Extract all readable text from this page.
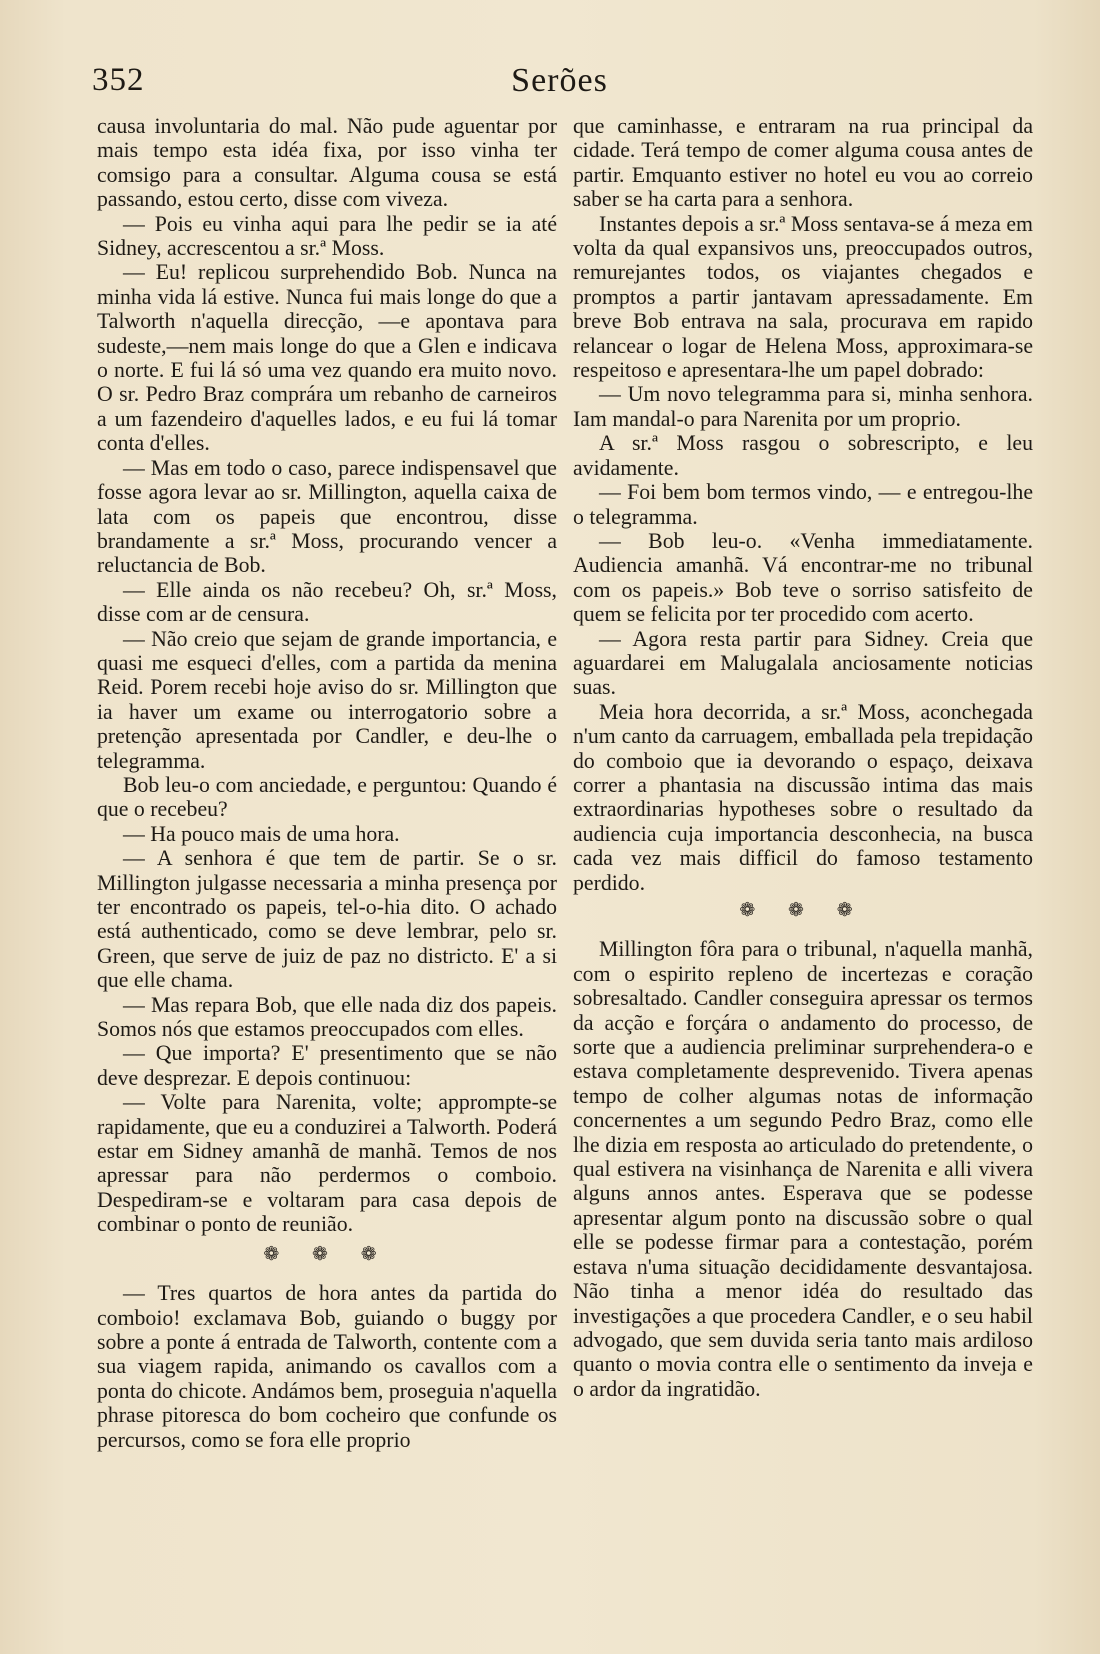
352	Serões

causa involuntaria do mal. Não pude aguentar por mais tempo esta idéa fixa, por isso vinha ter comsigo para a consultar. Alguma cousa se está passando, estou certo, disse com viveza.

— Pois eu vinha aqui para lhe pedir se ia até Sidney, accrescentou a sr.ª Moss.

— Eu! replicou surprehendido Bob. Nunca na minha vida lá estive. Nunca fui mais longe do que a Talworth n'aquella direcção, —e apontava para sudeste,—nem mais longe do que a Glen e indicava o norte. E fui lá só uma vez quando era muito novo. O sr. Pedro Braz comprára um rebanho de carneiros a um fazendeiro d'aquelles lados, e eu fui lá tomar conta d'elles.

— Mas em todo o caso, parece indispensavel que fosse agora levar ao sr. Millington, aquella caixa de lata com os papeis que encontrou, disse brandamente a sr.ª Moss, procurando vencer a reluctancia de Bob.

— Elle ainda os não recebeu? Oh, sr.ª Moss, disse com ar de censura.

— Não creio que sejam de grande importancia, e quasi me esqueci d'elles, com a partida da menina Reid. Porem recebi hoje aviso do sr. Millington que ia haver um exame ou interrogatorio sobre a pretenção apresentada por Candler, e deu-lhe o telegramma.

Bob leu-o com anciedade, e perguntou: Quando é que o recebeu?

— Ha pouco mais de uma hora.

— A senhora é que tem de partir. Se o sr. Millington julgasse necessaria a minha presença por ter encontrado os papeis, tel-o-hia dito. O achado está authenticado, como se deve lembrar, pelo sr. Green, que serve de juiz de paz no districto. E' a si que elle chama.

— Mas repara Bob, que elle nada diz dos papeis. Somos nós que estamos preoccupados com elles.

— Que importa? E' presentimento que se não deve desprezar. E depois continuou:

— Volte para Narenita, volte; apprompte-se rapidamente, que eu a conduzirei a Talworth. Poderá estar em Sidney amanhã de manhã. Temos de nos apressar para não perdermos o comboio. Despediram-se e voltaram para casa depois de combinar o ponto de reunião.

❁ ❁ ❁

— Tres quartos de hora antes da partida do comboio! exclamava Bob, guiando o buggy por sobre a ponte á entrada de Talworth, contente com a sua viagem rapida, animando os cavallos com a ponta do chicote. Andámos bem, proseguia n'aquella phrase pitoresca do bom cocheiro que confunde os percursos, como se fora elle proprio

que caminhasse, e entraram na rua principal da cidade. Terá tempo de comer alguma cousa antes de partir. Emquanto estiver no hotel eu vou ao correio saber se ha carta para a senhora.

Instantes depois a sr.ª Moss sentava-se á meza em volta da qual expansivos uns, preoccupados outros, remurejantes todos, os viajantes chegados e promptos a partir jantavam apressadamente. Em breve Bob entrava na sala, procurava em rapido relancear o logar de Helena Moss, approximara-se respeitoso e apresentara-lhe um papel dobrado:

— Um novo telegramma para si, minha senhora. Iam mandal-o para Narenita por um proprio.

A sr.ª Moss rasgou o sobrescripto, e leu avidamente.

— Foi bem bom termos vindo, — e entregou-lhe o telegramma.

— Bob leu-o. «Venha immediatamente. Audiencia amanhã. Vá encontrar-me no tribunal com os papeis.» Bob teve o sorriso satisfeito de quem se felicita por ter procedido com acerto.

— Agora resta partir para Sidney. Creia que aguardarei em Malugalala anciosamente noticias suas.

Meia hora decorrida, a sr.ª Moss, aconchegada n'um canto da carruagem, emballada pela trepidação do comboio que ia devorando o espaço, deixava correr a phantasia na discussão intima das mais extraordinarias hypotheses sobre o resultado da audiencia cuja importancia desconhecia, na busca cada vez mais difficil do famoso testamento perdido.

❁ ❁ ❁

Millington fôra para o tribunal, n'aquella manhã, com o espirito repleno de incertezas e coração sobresaltado. Candler conseguira apressar os termos da acção e forçára o andamento do processo, de sorte que a audiencia preliminar surprehendera-o e estava completamente desprevenido. Tivera apenas tempo de colher algumas notas de informação concernentes a um segundo Pedro Braz, como elle lhe dizia em resposta ao articulado do pretendente, o qual estivera na visinhança de Narenita e alli vivera alguns annos antes. Esperava que se podesse apresentar algum ponto na discussão sobre o qual elle se podesse firmar para a contestação, porém estava n'uma situação decididamente desvantajosa. Não tinha a menor idéa do resultado das investigações a que procedera Candler, e o seu habil advogado, que sem duvida seria tanto mais ardiloso quanto o movia contra elle o sentimento da inveja e o ardor da ingratidão.
